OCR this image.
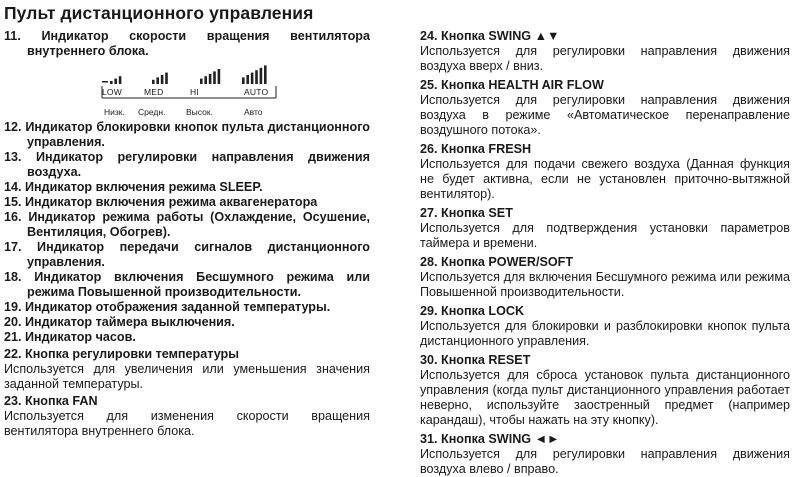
Пульт дистанционного управления
11. Индикатор скорости вращения вентилятора внутреннего блока.
LOW	MED	HI	AUTO
Низк. Средн. Высок.	Авто
12. Индикатор блокировки кнопок пульта дистанционного управления.
13. Индикатор регулировки направления движения воздуха.
14. Индикатор включения режима SLEEP.
15. Индикатор включения режима аквагенератора
16. Индикатор режима работы (Охлаждение, Осушение, Вентиляция, Обогрев).
17. Индикатор передачи сигналов дистанционного управления.
18. Индикатор включения Бесшумного режима или режима Повышенной производительности.
19. Индикатор отображения заданной температуры.
20. Индикатор таймера выключения.
21. Индикатор часов.
22. Кнопка регулировки температуры
Используется для увеличения или уменьшения значения заданной температуры.
23. Кнопка FAN
Используется для изменения скорости вращения вентилятора внутреннего блока.
24. Кнопка SWING ▲▼
Используется для регулировки направления движения воздуха вверх / вниз.
25. Кнопка HEALTH AIR FLOW
Используется для регулировки направления движения воздуха в режиме «Автоматическое перенаправление воздушного потока».
26. Кнопка FRESH
Используется для подачи свежего воздуха (Данная функция не будет активна, если не установлен приточно-вытяжной вентилятор).
27. Кнопка SET
Используется для подтверждения установки параметров таймера и времени.
28. Кнопка POWER/SOFT
Используется для включения Бесшумного режима или режима Повышенной производительности.
29. Кнопка LOCK
Используется для блокировки и разблокировки кнопок пульта дистанционного управления.
30. Кнопка RESET
Используется для сброса установок пульта дистанционного управления (когда пульт дистанционного управления работает неверно, используйте заостренный предмет (например карандаш), чтобы нажать на эту кнопку).
31. Кнопка SWING ◄►
Используется для регулировки направления движения воздуха влево / вправо.
